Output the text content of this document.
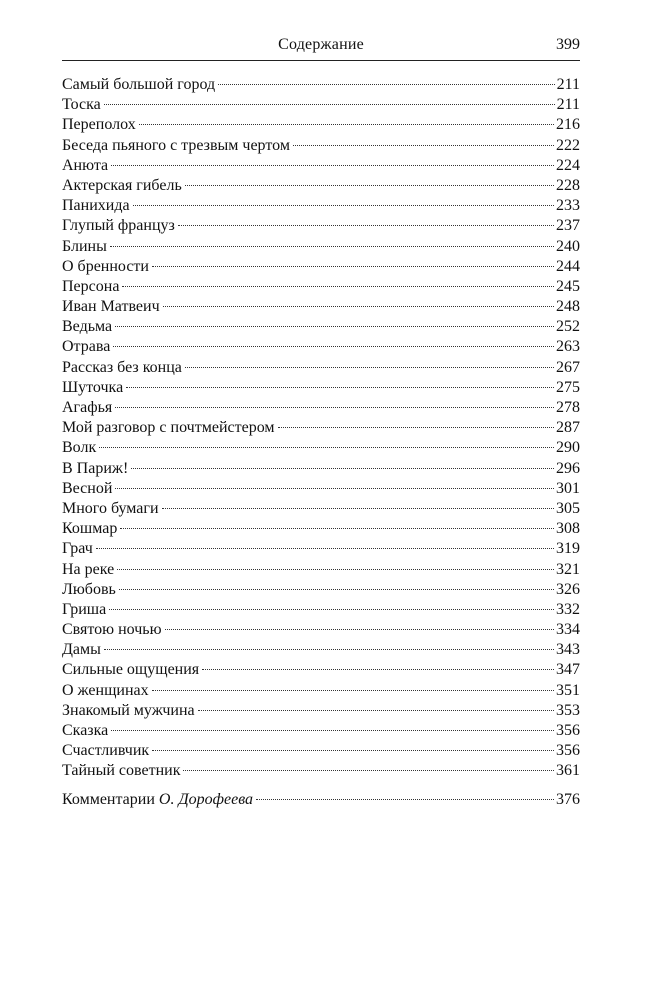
Содержание	399
Самый большой город	211
Тоска	211
Переполох	216
Беседа пьяного с трезвым чертом	222
Анюта	224
Актерская гибель	228
Панихида	233
Глупый француз	237
Блины	240
О бренности	244
Персона	245
Иван Матвеич	248
Ведьма	252
Отрава	263
Рассказ без конца	267
Шуточка	275
Агафья	278
Мой разговор с почтмейстером	287
Волк	290
В Париж!	296
Весной	301
Много бумаги	305
Кошмар	308
Грач	319
На реке	321
Любовь	326
Гриша	332
Святою ночью	334
Дамы	343
Сильные ощущения	347
О женщинах	351
Знакомый мужчина	353
Сказка	356
Счастливчик	356
Тайный советник	361
Комментарии О. Дорофеева	376
